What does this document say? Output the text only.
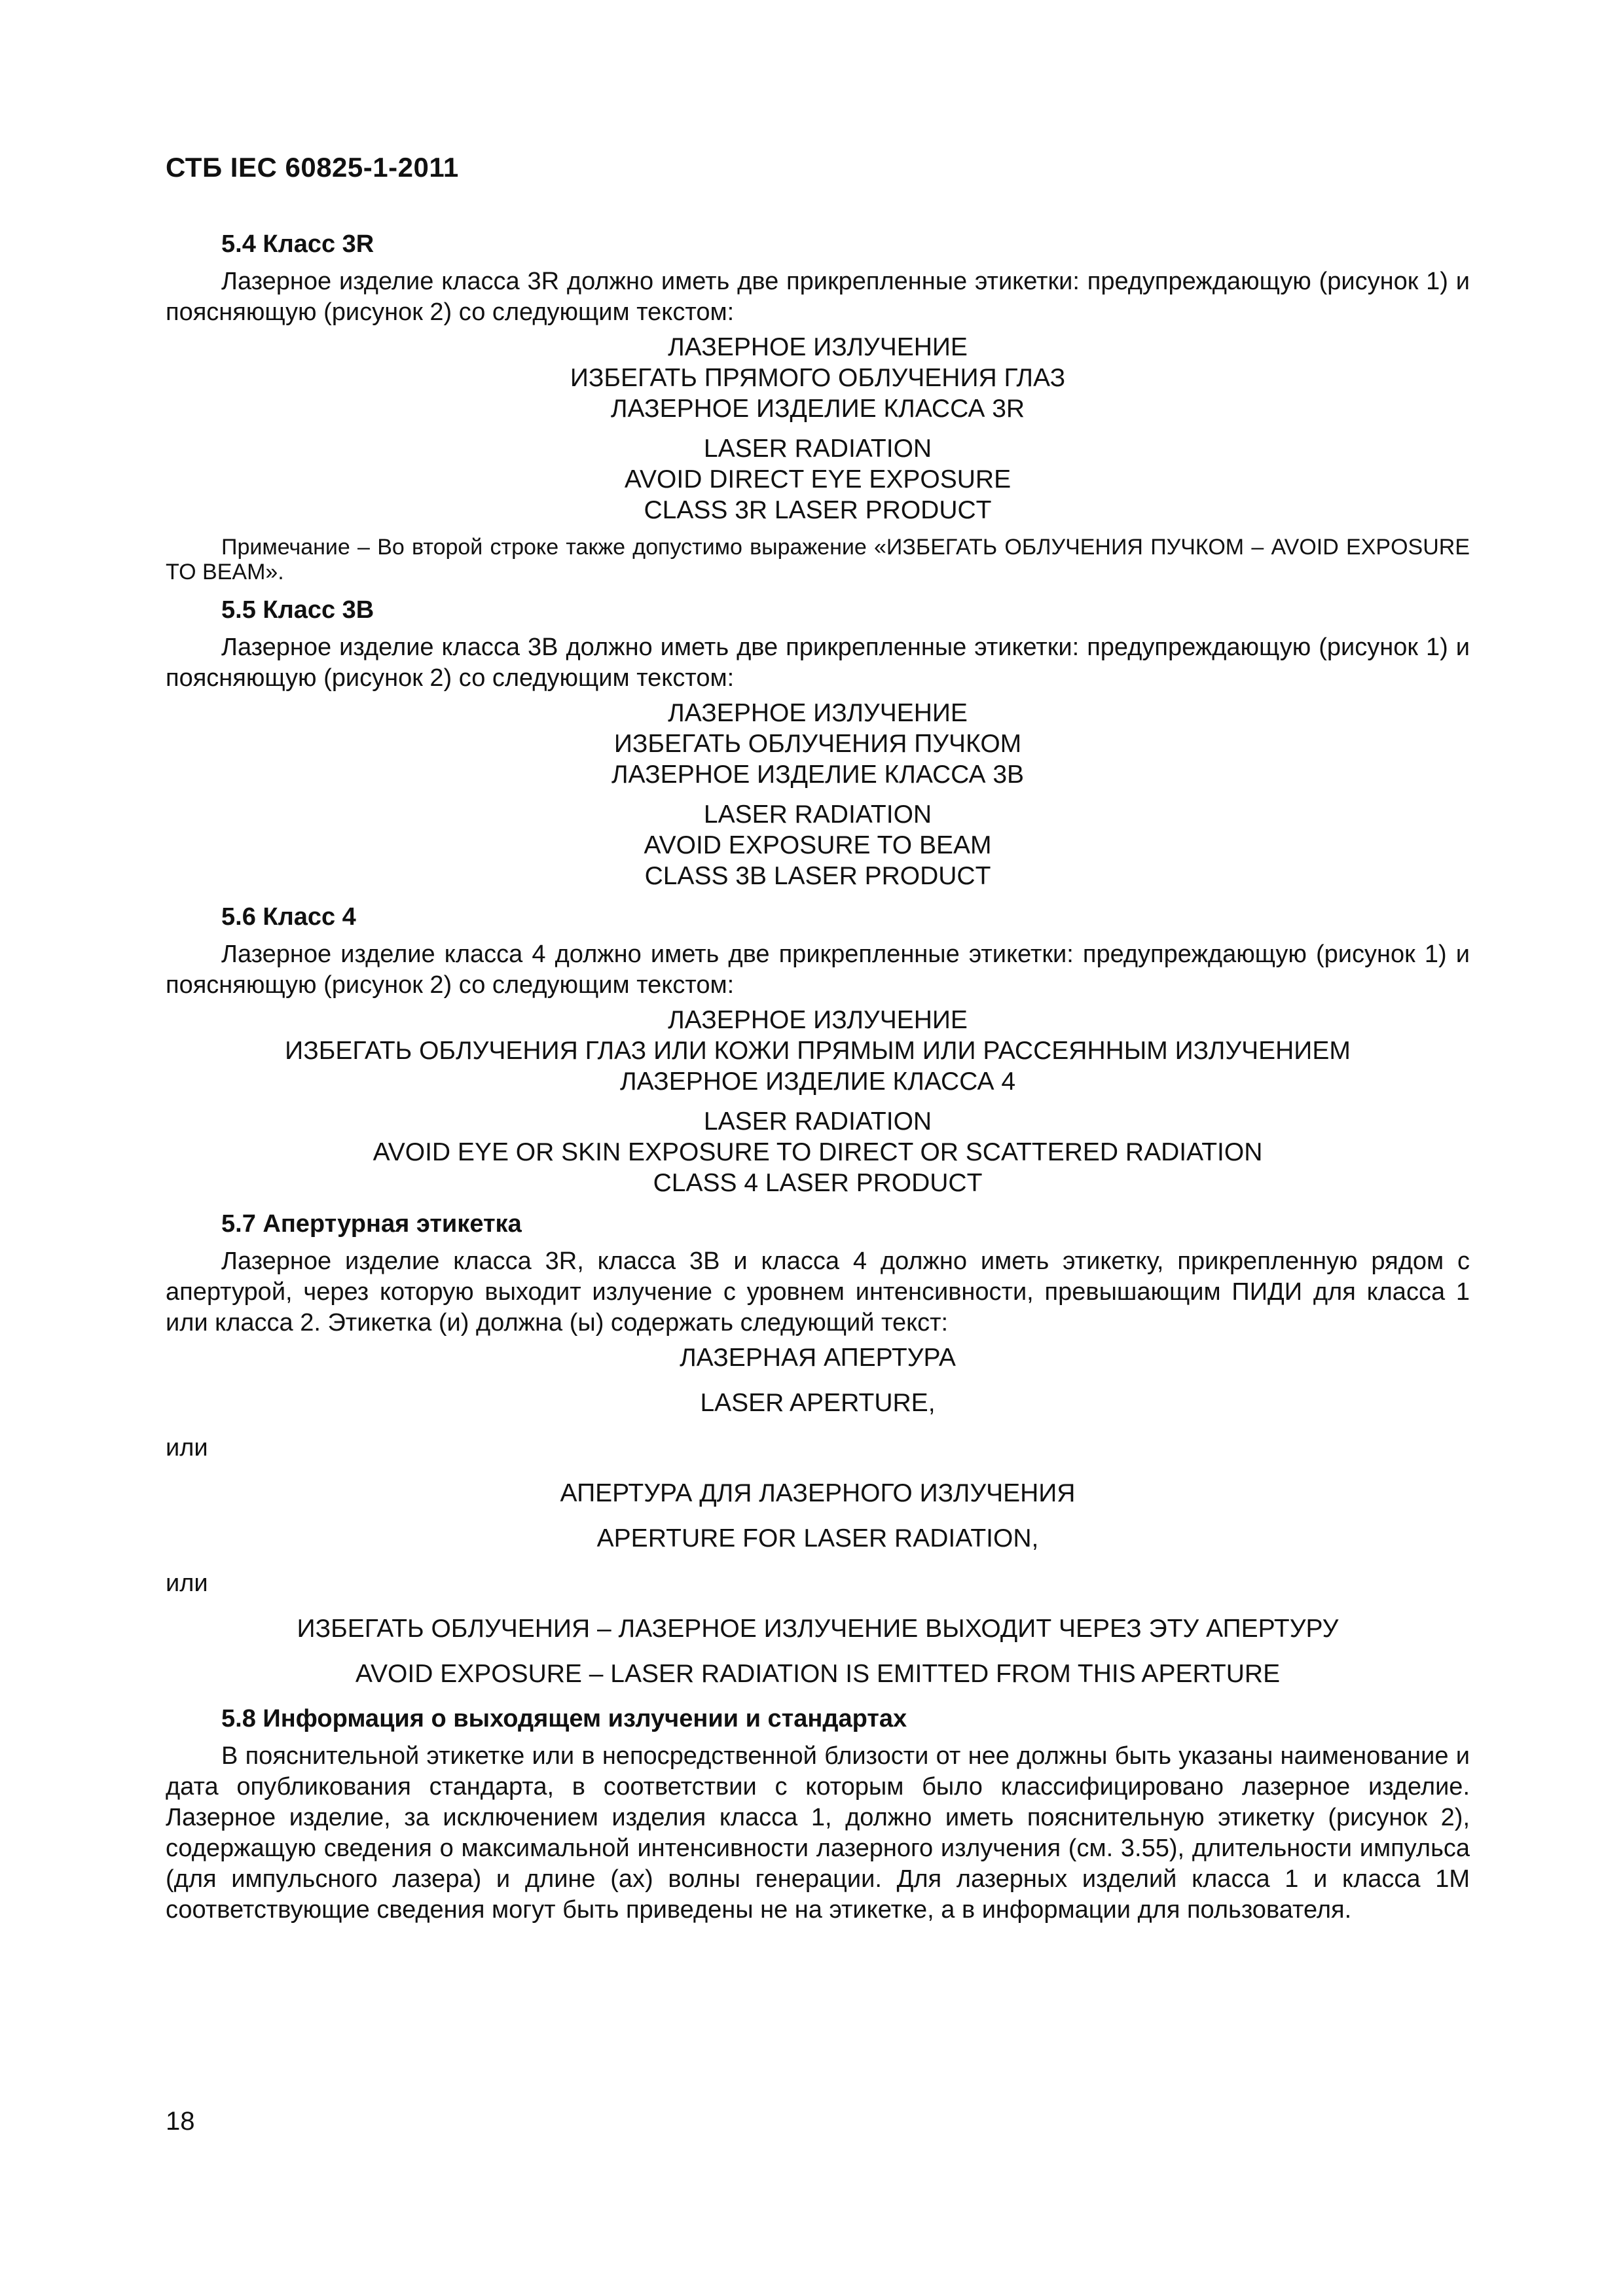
СТБ IEC 60825-1-2011
5.4 Класс 3R
Лазерное изделие класса 3R должно иметь две прикрепленные этикетки: предупреждающую (рисунок 1) и поясняющую (рисунок 2) со следующим текстом:
ЛАЗЕРНОЕ ИЗЛУЧЕНИЕ
ИЗБЕГАТЬ ПРЯМОГО ОБЛУЧЕНИЯ ГЛАЗ
ЛАЗЕРНОЕ ИЗДЕЛИЕ КЛАССА 3R
LASER RADIATION
AVOID DIRECT EYE EXPOSURE
CLASS 3R LASER PRODUCT
Примечание – Во второй строке также допустимо выражение «ИЗБЕГАТЬ ОБЛУЧЕНИЯ ПУЧКОМ – AVOID EXPOSURE TO BEAM».
5.5 Класс 3B
Лазерное изделие класса 3B должно иметь две прикрепленные этикетки: предупреждающую (рисунок 1) и поясняющую (рисунок 2) со следующим текстом:
ЛАЗЕРНОЕ ИЗЛУЧЕНИЕ
ИЗБЕГАТЬ ОБЛУЧЕНИЯ ПУЧКОМ
ЛАЗЕРНОЕ ИЗДЕЛИЕ КЛАССА 3B
LASER RADIATION
AVOID EXPOSURE TO BEAM
CLASS 3B LASER PRODUCT
5.6 Класс 4
Лазерное изделие класса 4 должно иметь две прикрепленные этикетки: предупреждающую (рисунок 1) и поясняющую (рисунок 2) со следующим текстом:
ЛАЗЕРНОЕ ИЗЛУЧЕНИЕ
ИЗБЕГАТЬ ОБЛУЧЕНИЯ ГЛАЗ ИЛИ КОЖИ ПРЯМЫМ ИЛИ РАССЕЯННЫМ ИЗЛУЧЕНИЕМ
ЛАЗЕРНОЕ ИЗДЕЛИЕ КЛАССА 4
LASER RADIATION
AVOID EYE OR SKIN EXPOSURE TO DIRECT OR SCATTERED RADIATION
CLASS 4 LASER PRODUCT
5.7 Апертурная этикетка
Лазерное изделие класса 3R, класса 3B и класса 4 должно иметь этикетку, прикрепленную рядом с апертурой, через которую выходит излучение с уровнем интенсивности, превышающим ПИДИ для класса 1 или класса 2. Этикетка (и) должна (ы) содержать следующий текст:
ЛАЗЕРНАЯ АПЕРТУРА
LASER APERTURE,
или
АПЕРТУРА ДЛЯ ЛАЗЕРНОГО ИЗЛУЧЕНИЯ
APERTURE FOR LASER RADIATION,
или
ИЗБЕГАТЬ ОБЛУЧЕНИЯ – ЛАЗЕРНОЕ ИЗЛУЧЕНИЕ ВЫХОДИТ ЧЕРЕЗ ЭТУ АПЕРТУРУ
AVOID EXPOSURE – LASER RADIATION IS EMITTED FROM THIS APERTURE
5.8 Информация о выходящем излучении и стандартах
В пояснительной этикетке или в непосредственной близости от нее должны быть указаны наименование и дата опубликования стандарта, в соответствии с которым было классифицировано лазерное изделие. Лазерное изделие, за исключением изделия класса 1, должно иметь пояснительную этикетку (рисунок 2), содержащую сведения о максимальной интенсивности лазерного излучения (см. 3.55), длительности импульса (для импульсного лазера) и длине (ах) волны генерации. Для лазерных изделий класса 1 и класса 1М соответствующие сведения могут быть приведены не на этикетке, а в информации для пользователя.
18
